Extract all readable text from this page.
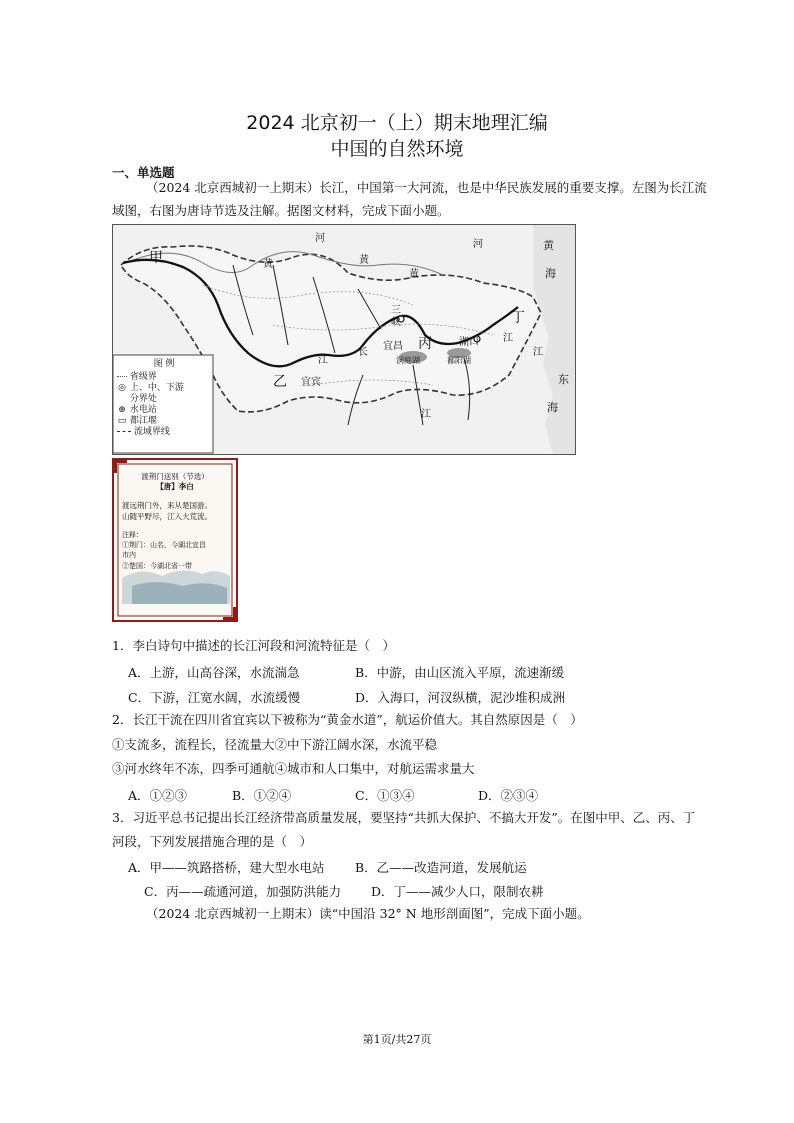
2024 北京初一（上）期末地理汇编
中国的自然环境
一、单选题
（2024 北京西城初一上期末）长江，中国第一大河流，也是中华民族发展的重要支撑。左图为长江流
域图，右图为唐诗节选及注解。据图文材料，完成下面小题。
甲
乙
丙
丁
河
河
黄	黄
黄
黄
海
三
峡
宜昌	湖口
宜宾
长
江
江
江
江
东
海
洞庭湖	鄱阳湖
图 例
省级界
◎ 上、中、下游
分界处
⊛ 水电站
▭ 都江堰
流域界线
渡荆门送别（节选）
【唐】李白
渡远荆门外，来从楚国游。
山随平野尽，江入大荒流。
注释：
①荆门：山名，今湖北宜昌
市内
②楚国：今湖北省一带
1．李白诗句中描述的长江河段和河流特征是（　）
A．上游，山高谷深，水流湍急	B．中游，由山区流入平原，流速渐缓
C．下游，江宽水阔，水流缓慢	D．入海口，河汊纵横，泥沙堆积成洲
2．长江干流在四川省宜宾以下被称为“黄金水道”，航运价值大。其自然原因是（　）
①支流多，流程长，径流量大②中下游江阔水深，水流平稳
③河水终年不冻，四季可通航④城市和人口集中，对航运需求量大
A．①②③	B．①②④	C．①③④	D．②③④
3．习近平总书记提出长江经济带高质量发展，要坚持“共抓大保护、不搞大开发”。在图中甲、乙、丙、丁
河段，下列发展措施合理的是（　）
A．甲——筑路搭桥，建大型水电站 B．乙——改造河道，发展航运
C．丙——疏通河道，加强防洪能力 D．丁——减少人口，限制农耕
（2024 北京西城初一上期末）读“中国沿 32° N 地形剖面图”，完成下面小题。
第1页/共27页
